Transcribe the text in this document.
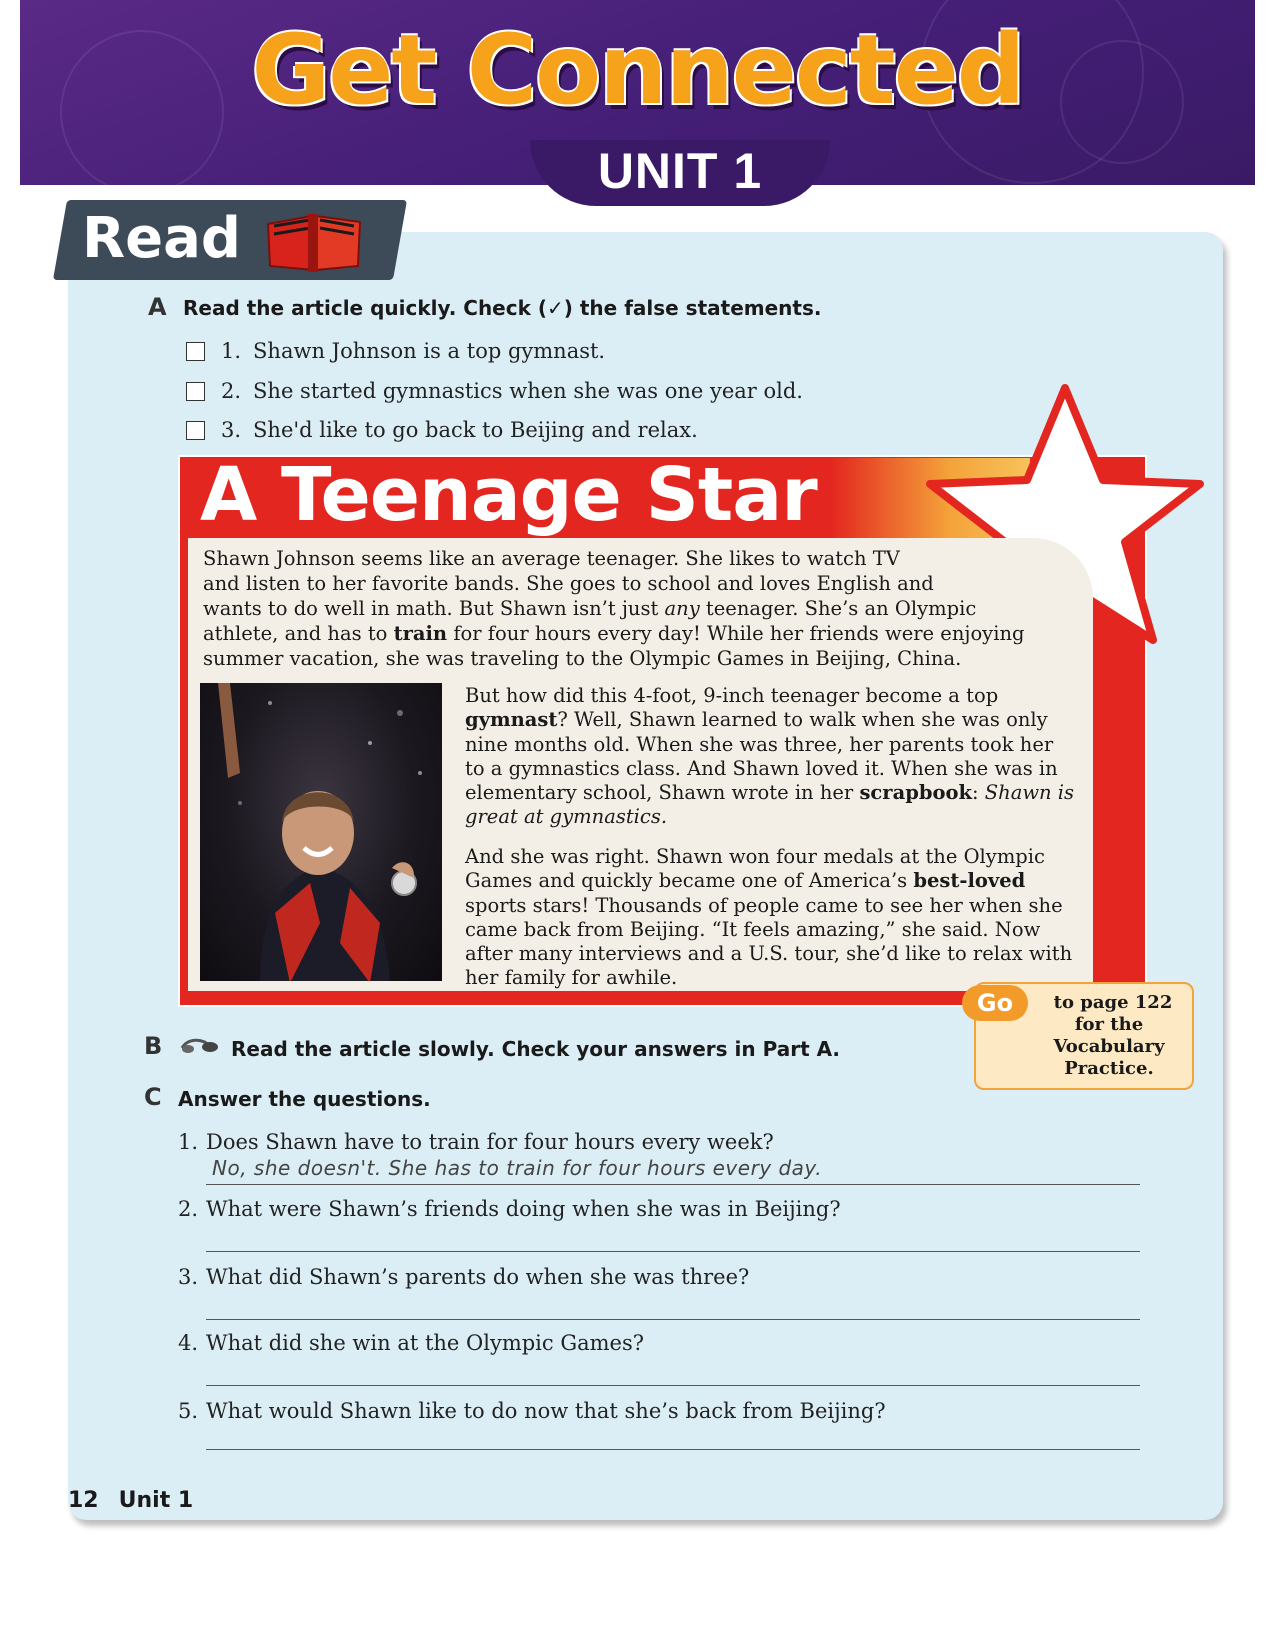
Get Connected
UNIT 1
Read
A Read the article quickly. Check (✓) the false statements.
1. Shawn Johnson is a top gymnast.
2. She started gymnastics when she was one year old.
3. She'd like to go back to Beijing and relax.
A Teenage Star
Shawn Johnson seems like an average teenager. She likes to watch TV
and listen to her favorite bands. She goes to school and loves English and
wants to do well in math. But Shawn isn’t just any teenager. She’s an Olympic
athlete, and has to train for four hours every day! While her friends were enjoying
summer vacation, she was traveling to the Olympic Games in Beijing, China.
But how did this 4-foot, 9-inch teenager become a top
gymnast? Well, Shawn learned to walk when she was only
nine months old. When she was three, her parents took her
to a gymnastics class. And Shawn loved it. When she was in
elementary school, Shawn wrote in her scrapbook: Shawn is
great at gymnastics.
And she was right. Shawn won four medals at the Olympic
Games and quickly became one of America’s best-loved
sports stars! Thousands of people came to see her when she
came back from Beijing. “It feels amazing,” she said. Now
after many interviews and a U.S. tour, she’d like to relax with
her family for awhile.
Go	to page 122
for the
Vocabulary
Practice.
B	Read the article slowly. Check your answers in Part A.
C Answer the questions.
1. Does Shawn have to train for four hours every week?
No, she doesn't. She has to train for four hours every day.
2. What were Shawn’s friends doing when she was in Beijing?
3. What did Shawn’s parents do when she was three?
4. What did she win at the Olympic Games?
5. What would Shawn like to do now that she’s back from Beijing?
12 Unit 1
